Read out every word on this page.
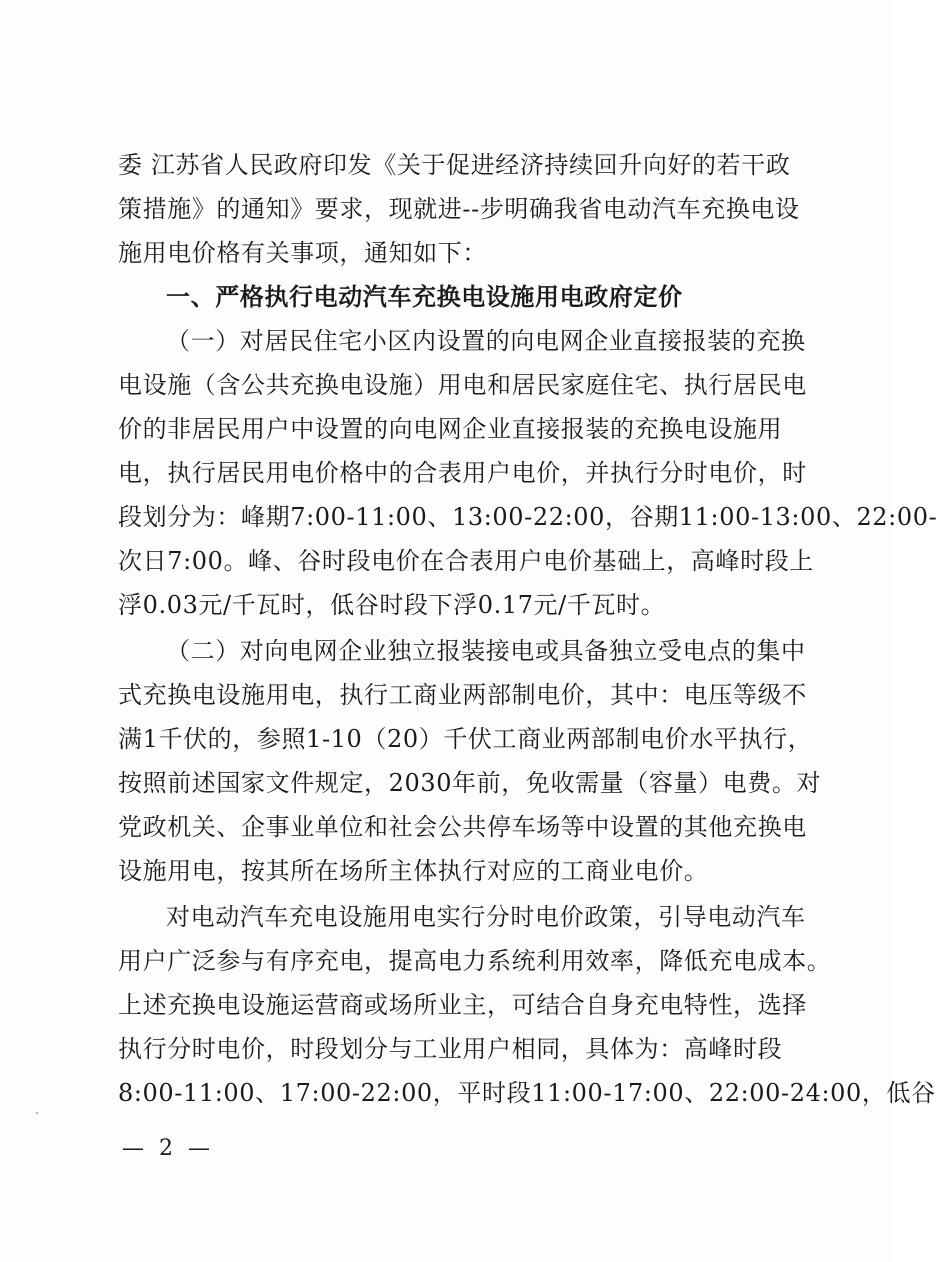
委 江苏省人民政府印发《关于促进经济持续回升向好的若干政
策措施》的通知》要求，现就进--步明确我省电动汽车充换电设
施用电价格有关事项，通知如下：
一、严格执行电动汽车充换电设施用电政府定价
（一）对居民住宅小区内设置的向电网企业直接报装的充换
电设施（含公共充换电设施）用电和居民家庭住宅、执行居民电
价的非居民用户中设置的向电网企业直接报装的充换电设施用
电，执行居民用电价格中的合表用户电价，并执行分时电价，时
段划分为：峰期7:00-11:00、13:00-22:00，谷期11:00-13:00、22:00-
次日7:00。峰、谷时段电价在合表用户电价基础上，高峰时段上
浮0.03元/千瓦时，低谷时段下浮0.17元/千瓦时。
（二）对向电网企业独立报装接电或具备独立受电点的集中
式充换电设施用电，执行工商业两部制电价，其中：电压等级不
满1千伏的，参照1-10（20）千伏工商业两部制电价水平执行，
按照前述国家文件规定，2030年前，免收需量（容量）电费。对
党政机关、企事业单位和社会公共停车场等中设置的其他充换电
设施用电，按其所在场所主体执行对应的工商业电价。
对电动汽车充电设施用电实行分时电价政策，引导电动汽车
用户广泛参与有序充电，提高电力系统利用效率，降低充电成本。
上述充换电设施运营商或场所业主，可结合自身充电特性，选择
执行分时电价，时段划分与工业用户相同，具体为：高峰时段
8:00-11:00、17:00-22:00，平时段11:00-17:00、22:00-24:00，低谷
— 2 —
